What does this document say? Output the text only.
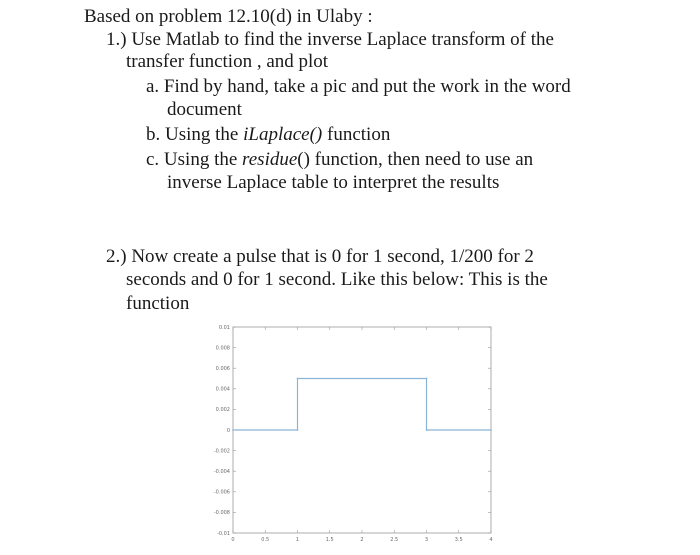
Based on problem 12.10(d) in Ulaby :
1.) Use Matlab to find the inverse Laplace transform of the
transfer function , and plot
a. Find by hand, take a pic and put the work in the word
document
b. Using the iLaplace() function
c. Using the residue() function, then need to use an
inverse Laplace table to interpret the results
2.) Now create a pulse that is 0 for 1 second, 1/200 for 2
seconds and 0 for 1 second. Like this below: This is the
function
-0.01
-0.008
-0.006
-0.004
-0.002
0
0.002
0.004
0.006
0.008
0.01
0	0.5	1	1.5	2	2.5	3	3.5	4
